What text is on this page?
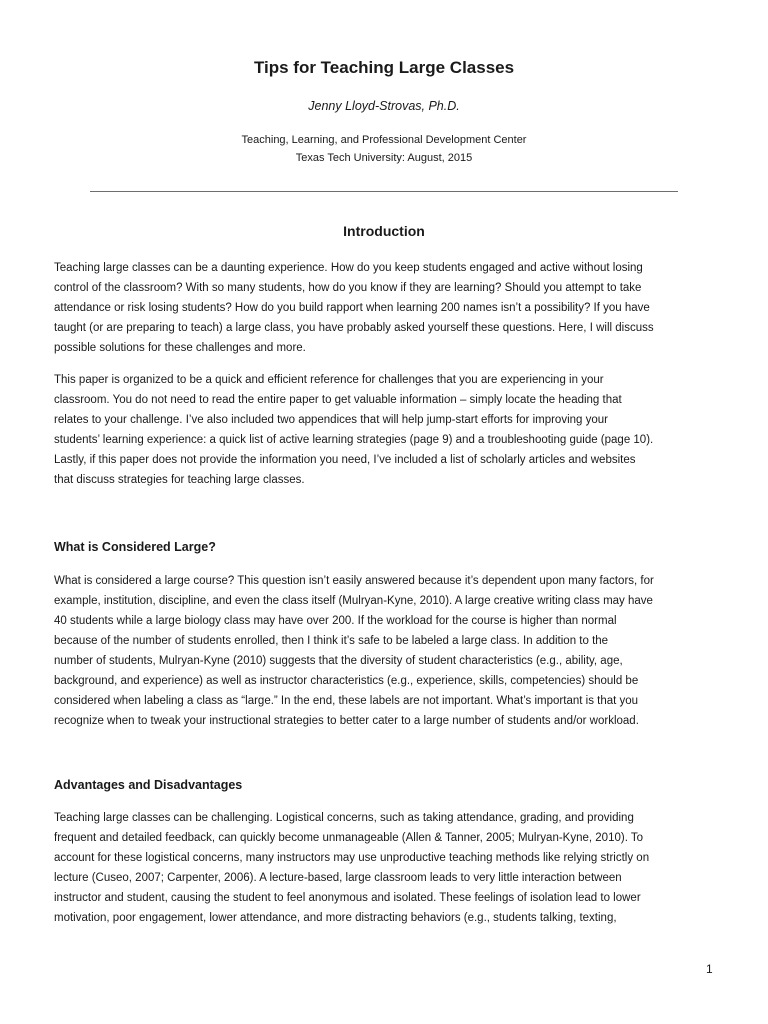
Tips for Teaching Large Classes
Jenny Lloyd-Strovas, Ph.D.
Teaching, Learning, and Professional Development Center
Texas Tech University: August, 2015
Introduction

Teaching large classes can be a daunting experience. How do you keep students engaged and active without losing
control of the classroom? With so many students, how do you know if they are learning? Should you attempt to take
attendance or risk losing students? How do you build rapport when learning 200 names isn’t a possibility? If you have
taught (or are preparing to teach) a large class, you have probably asked yourself these questions. Here, I will discuss
possible solutions for these challenges and more.

This paper is organized to be a quick and efficient reference for challenges that you are experiencing in your
classroom. You do not need to read the entire paper to get valuable information – simply locate the heading that
relates to your challenge. I’ve also included two appendices that will help jump-start efforts for improving your
students’ learning experience: a quick list of active learning strategies (page 9) and a troubleshooting guide (page 10).
Lastly, if this paper does not provide the information you need, I’ve included a list of scholarly articles and websites
that discuss strategies for teaching large classes.

What is Considered Large?

What is considered a large course? This question isn’t easily answered because it’s dependent upon many factors, for
example, institution, discipline, and even the class itself (Mulryan-Kyne, 2010). A large creative writing class may have
40 students while a large biology class may have over 200. If the workload for the course is higher than normal
because of the number of students enrolled, then I think it’s safe to be labeled a large class. In addition to the
number of students, Mulryan-Kyne (2010) suggests that the diversity of student characteristics (e.g., ability, age,
background, and experience) as well as instructor characteristics (e.g., experience, skills, competencies) should be
considered when labeling a class as “large.” In the end, these labels are not important. What’s important is that you
recognize when to tweak your instructional strategies to better cater to a large number of students and/or workload.

Advantages and Disadvantages

Teaching large classes can be challenging. Logistical concerns, such as taking attendance, grading, and providing
frequent and detailed feedback, can quickly become unmanageable (Allen & Tanner, 2005; Mulryan-Kyne, 2010). To
account for these logistical concerns, many instructors may use unproductive teaching methods like relying strictly on
lecture (Cuseo, 2007; Carpenter, 2006). A lecture-based, large classroom leads to very little interaction between
instructor and student, causing the student to feel anonymous and isolated. These feelings of isolation lead to lower
motivation, poor engagement, lower attendance, and more distracting behaviors (e.g., students talking, texting,

1
